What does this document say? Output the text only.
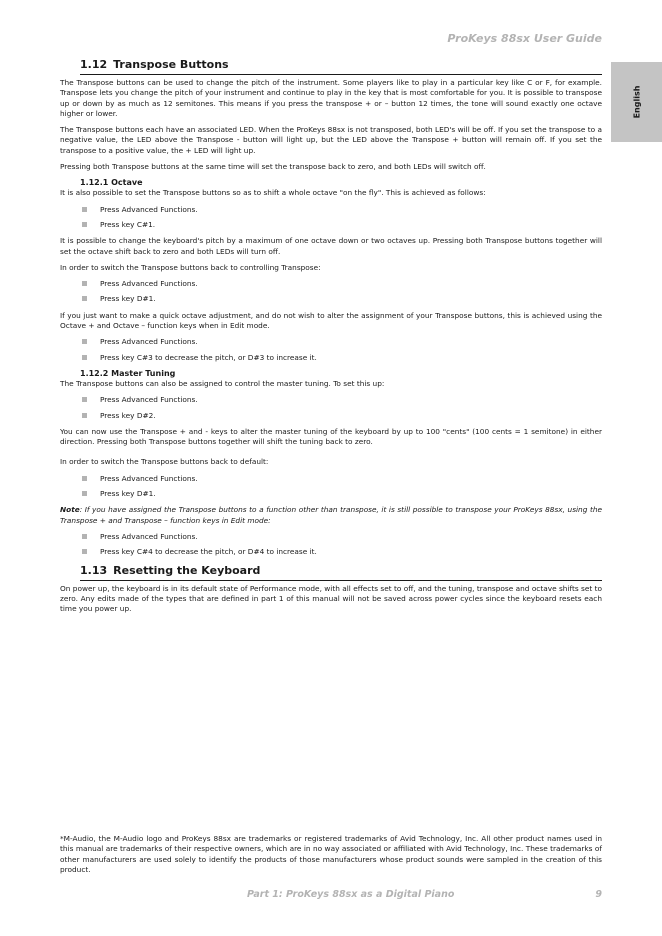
ProKeys 88sx User Guide
English
1.12 Transpose Buttons

The Transpose buttons can be used to change the pitch of the instrument. Some players like to play in a particular key like C or F, for example. Transpose lets you change the pitch of your instrument and continue to play in the key that is most comfortable for you. It is possible to transpose up or down by as much as 12 semitones. This means if you press the transpose + or – button 12 times, the tone will sound exactly one octave higher or lower.

The Transpose buttons each have an associated LED. When the ProKeys 88sx is not transposed, both LED's will be off. If you set the transpose to a negative value, the LED above the Transpose - button will light up, but the LED above the Transpose + button will remain off. If you set the transpose to a positive value, the + LED will light up.

Pressing both Transpose buttons at the same time will set the transpose back to zero, and both LEDs will switch off.

1.12.1 Octave

It is also possible to set the Transpose buttons so as to shift a whole octave "on the fly". This is achieved as follows:

Press Advanced Functions.
Press key C#1.

It is possible to change the keyboard's pitch by a maximum of one octave down or two octaves up. Pressing both Transpose buttons together will set the octave shift back to zero and both LEDs will turn off.

In order to switch the Transpose buttons back to controlling Transpose:

Press Advanced Functions.
Press key D#1.

If you just want to make a quick octave adjustment, and do not wish to alter the assignment of your Transpose buttons, this is achieved using the Octave + and Octave – function keys when in Edit mode.

Press Advanced Functions.
Press key C#3 to decrease the pitch, or D#3 to increase it.
1.12.2 Master Tuning

The Transpose buttons can also be assigned to control the master tuning. To set this up:

Press Advanced Functions.
Press key D#2.

You can now use the Transpose + and - keys to alter the master tuning of the keyboard by up to 100 "cents" (100 cents = 1 semitone) in either direction. Pressing both Transpose buttons together will shift the tuning back to zero.

In order to switch the Transpose buttons back to default:

Press Advanced Functions.
Press key D#1.

Note: If you have assigned the Transpose buttons to a function other than transpose, it is still possible to transpose your ProKeys 88sx, using the Transpose + and Transpose – function keys in Edit mode:

Press Advanced Functions.
Press key C#4 to decrease the pitch, or D#4 to increase it.
1.13 Resetting the Keyboard

On power up, the keyboard is in its default state of Performance mode, with all effects set to off, and the tuning, transpose and octave shifts set to zero. Any edits made of the types that are defined in part 1 of this manual will not be saved across power cycles since the keyboard resets each time you power up.

*M-Audio, the M-Audio logo and ProKeys 88sx are trademarks or registered trademarks of Avid Technology, Inc. All other product names used in this manual are trademarks of their respective owners, which are in no way associated or affiliated with Avid Technology, Inc. These trademarks of other manufacturers are used solely to identify the products of those manufacturers whose product sounds were sampled in the creation of this product.
Part 1: ProKeys 88sx as a Digital Piano	9
